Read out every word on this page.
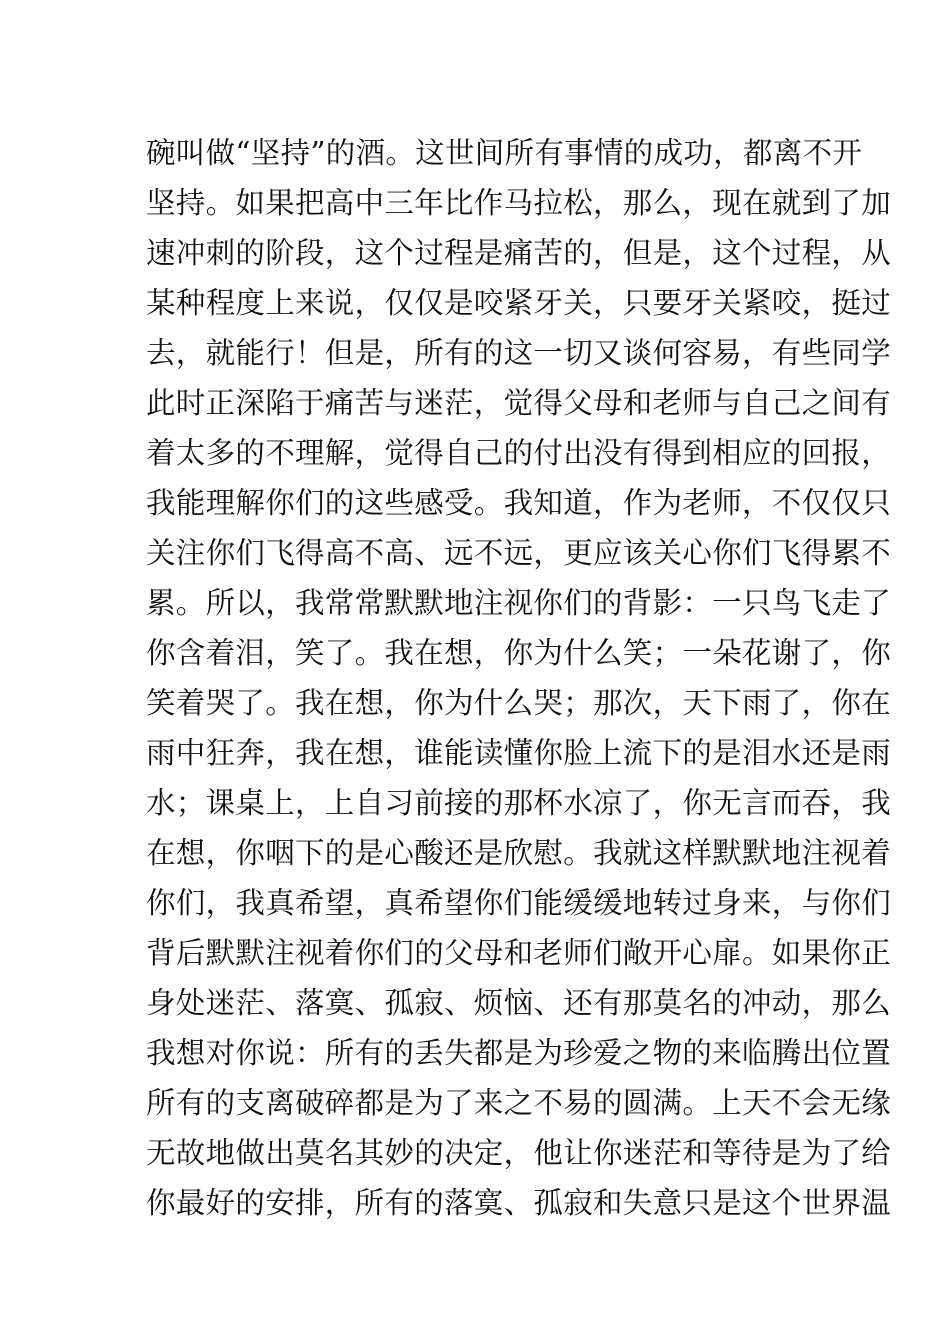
碗叫做“坚持”的酒。这世间所有事情的成功，都离不开
坚持。如果把高中三年比作马拉松，那么，现在就到了加
速冲刺的阶段，这个过程是痛苦的，但是，这个过程，从
某种程度上来说，仅仅是咬紧牙关，只要牙关紧咬，挺过
去，就能行！但是，所有的这一切又谈何容易，有些同学
此时正深陷于痛苦与迷茫，觉得父母和老师与自己之间有
着太多的不理解，觉得自己的付出没有得到相应的回报，
我能理解你们的这些感受。我知道，作为老师，不仅仅只
关注你们飞得高不高、远不远，更应该关心你们飞得累不
累。所以，我常常默默地注视你们的背影：一只鸟飞走了
你含着泪，笑了。我在想，你为什么笑；一朵花谢了，你
笑着哭了。我在想，你为什么哭；那次，天下雨了，你在
雨中狂奔，我在想，谁能读懂你脸上流下的是泪水还是雨
水；课桌上，上自习前接的那杯水凉了，你无言而吞，我
在想，你咽下的是心酸还是欣慰。我就这样默默地注视着
你们，我真希望，真希望你们能缓缓地转过身来，与你们
背后默默注视着你们的父母和老师们敞开心扉。如果你正
身处迷茫、落寞、孤寂、烦恼、还有那莫名的冲动，那么
我想对你说：所有的丢失都是为珍爱之物的来临腾出位置
所有的支离破碎都是为了来之不易的圆满。上天不会无缘
无故地做出莫名其妙的决定，他让你迷茫和等待是为了给
你最好的安排，所有的落寞、孤寂和失意只是这个世界温
